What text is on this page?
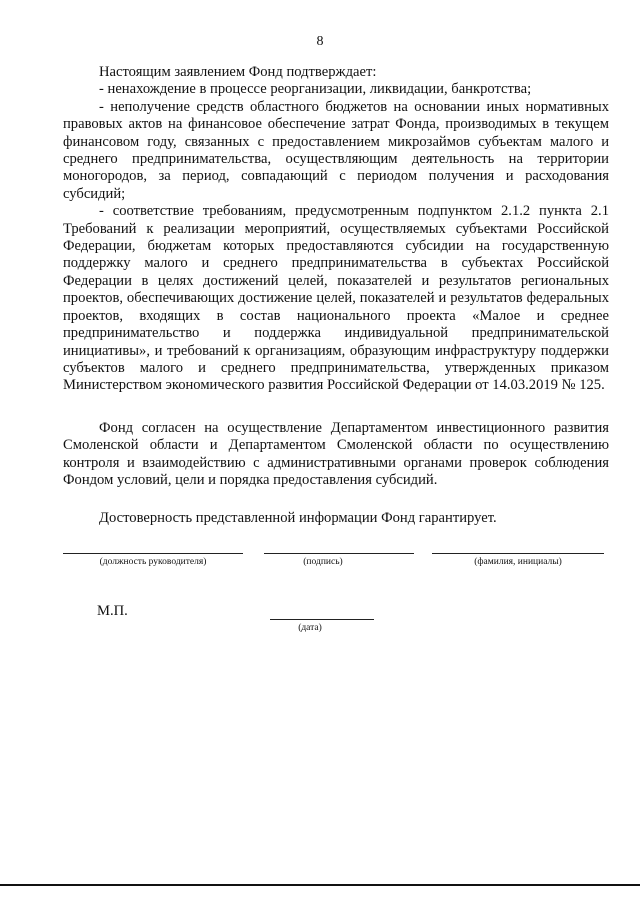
8

Настоящим заявлением Фонд подтверждает:

- ненахождение в процессе реорганизации, ликвидации, банкротства;

- неполучение средств областного бюджетов на основании иных нормативных правовых актов на финансовое обеспечение затрат Фонда, производимых в текущем финансовом году, связанных с предоставлением микрозаймов субъектам малого и среднего предпринимательства, осуществляющим деятельность на территории моногородов, за период, совпадающий с периодом получения и расходования субсидий;

- соответствие требованиям, предусмотренным подпунктом 2.1.2 пункта 2.1 Требований к реализации мероприятий, осуществляемых субъектами Российской Федерации, бюджетам которых предоставляются субсидии на государственную поддержку малого и среднего предпринимательства в субъектах Российской Федерации в целях достижений целей, показателей и результатов региональных проектов, обеспечивающих достижение целей, показателей и результатов федеральных проектов, входящих в состав национального проекта «Малое и среднее предпринимательство и поддержка индивидуальной предпринимательской инициативы», и требований к организациям, образующим инфраструктуру поддержки субъектов малого и среднего предпринимательства, утвержденных приказом Министерством экономического развития Российской Федерации от 14.03.2019 № 125.

Фонд согласен на осуществление Департаментом инвестиционного развития Смоленской области и Департаментом Смоленской области по осуществлению контроля и взаимодействию с административными органами проверок соблюдения Фондом условий, цели и порядка предоставления субсидий.

Достоверность представленной информации Фонд гарантирует.

(должность руководителя)	(подпись)	(фамилия, инициалы)
М.П.
(дата)
